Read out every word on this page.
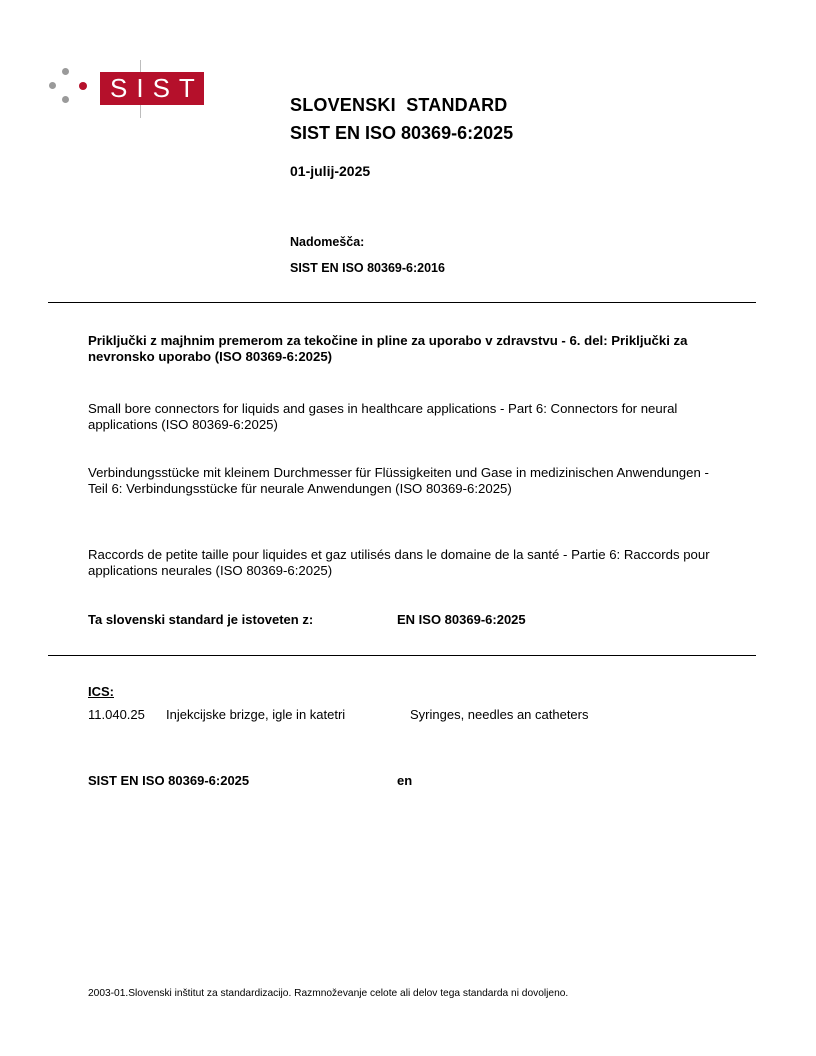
SIST
SLOVENSKI  STANDARD
SIST EN ISO 80369-6:2025
01-julij-2025
Nadomešča:
SIST EN ISO 80369-6:2016
Priključki z majhnim premerom za tekočine in pline za uporabo v zdravstvu - 6. del: Priključki za nevronsko uporabo (ISO 80369-6:2025)
Small bore connectors for liquids and gases in healthcare applications - Part 6: Connectors for neural applications (ISO 80369-6:2025)
Verbindungsstücke mit kleinem Durchmesser für Flüssigkeiten und Gase in medizinischen Anwendungen - Teil 6: Verbindungsstücke für neurale Anwendungen (ISO 80369-6:2025)
Raccords de petite taille pour liquides et gaz utilisés dans le domaine de la santé - Partie 6: Raccords pour applications neurales (ISO 80369-6:2025)
Ta slovenski standard je istoveten z:	EN ISO 80369-6:2025
ICS:
11.040.25 Injekcijske brizge, igle in katetri	Syringes, needles an catheters
SIST EN ISO 80369-6:2025	en
2003-01.Slovenski inštitut za standardizacijo. Razmnoževanje celote ali delov tega standarda ni dovoljeno.
